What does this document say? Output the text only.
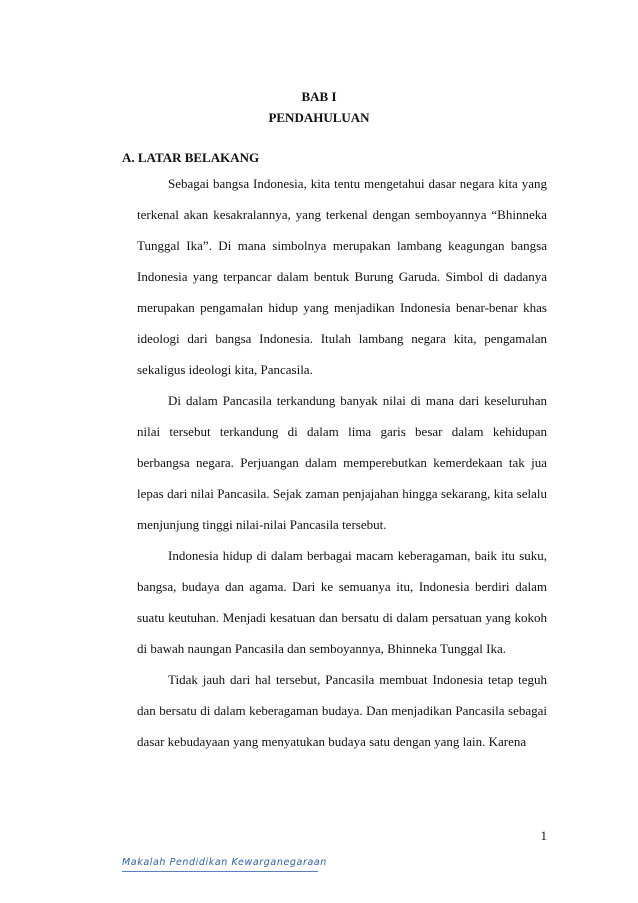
BAB I
PENDAHULUAN
A. LATAR BELAKANG

Sebagai bangsa Indonesia, kita tentu mengetahui dasar negara kita yang terkenal akan kesakralannya, yang terkenal dengan semboyannya “Bhinneka Tunggal Ika”. Di mana simbolnya merupakan lambang keagungan bangsa Indonesia yang terpancar dalam bentuk Burung Garuda. Simbol di dadanya merupakan pengamalan hidup yang menjadikan Indonesia benar-benar khas ideologi dari bangsa Indonesia. Itulah lambang negara kita, pengamalan sekaligus ideologi kita, Pancasila.

Di dalam Pancasila terkandung banyak nilai di mana dari keseluruhan nilai tersebut terkandung di dalam lima garis besar dalam kehidupan berbangsa negara. Perjuangan dalam memperebutkan kemerdekaan tak jua lepas dari nilai Pancasila. Sejak zaman penjajahan hingga sekarang, kita selalu menjunjung tinggi nilai-nilai Pancasila tersebut.

Indonesia hidup di dalam berbagai macam keberagaman, baik itu suku, bangsa, budaya dan agama. Dari ke semuanya itu, Indonesia berdiri dalam suatu keutuhan. Menjadi kesatuan dan bersatu di dalam persatuan yang kokoh di bawah naungan Pancasila dan semboyannya, Bhinneka Tunggal Ika.

Tidak jauh dari hal tersebut, Pancasila membuat Indonesia tetap teguh dan bersatu di dalam keberagaman budaya. Dan menjadikan Pancasila sebagai dasar kebudayaan yang menyatukan budaya satu dengan yang lain. Karena

1
Makalah Pendidikan Kewarganegaraan
